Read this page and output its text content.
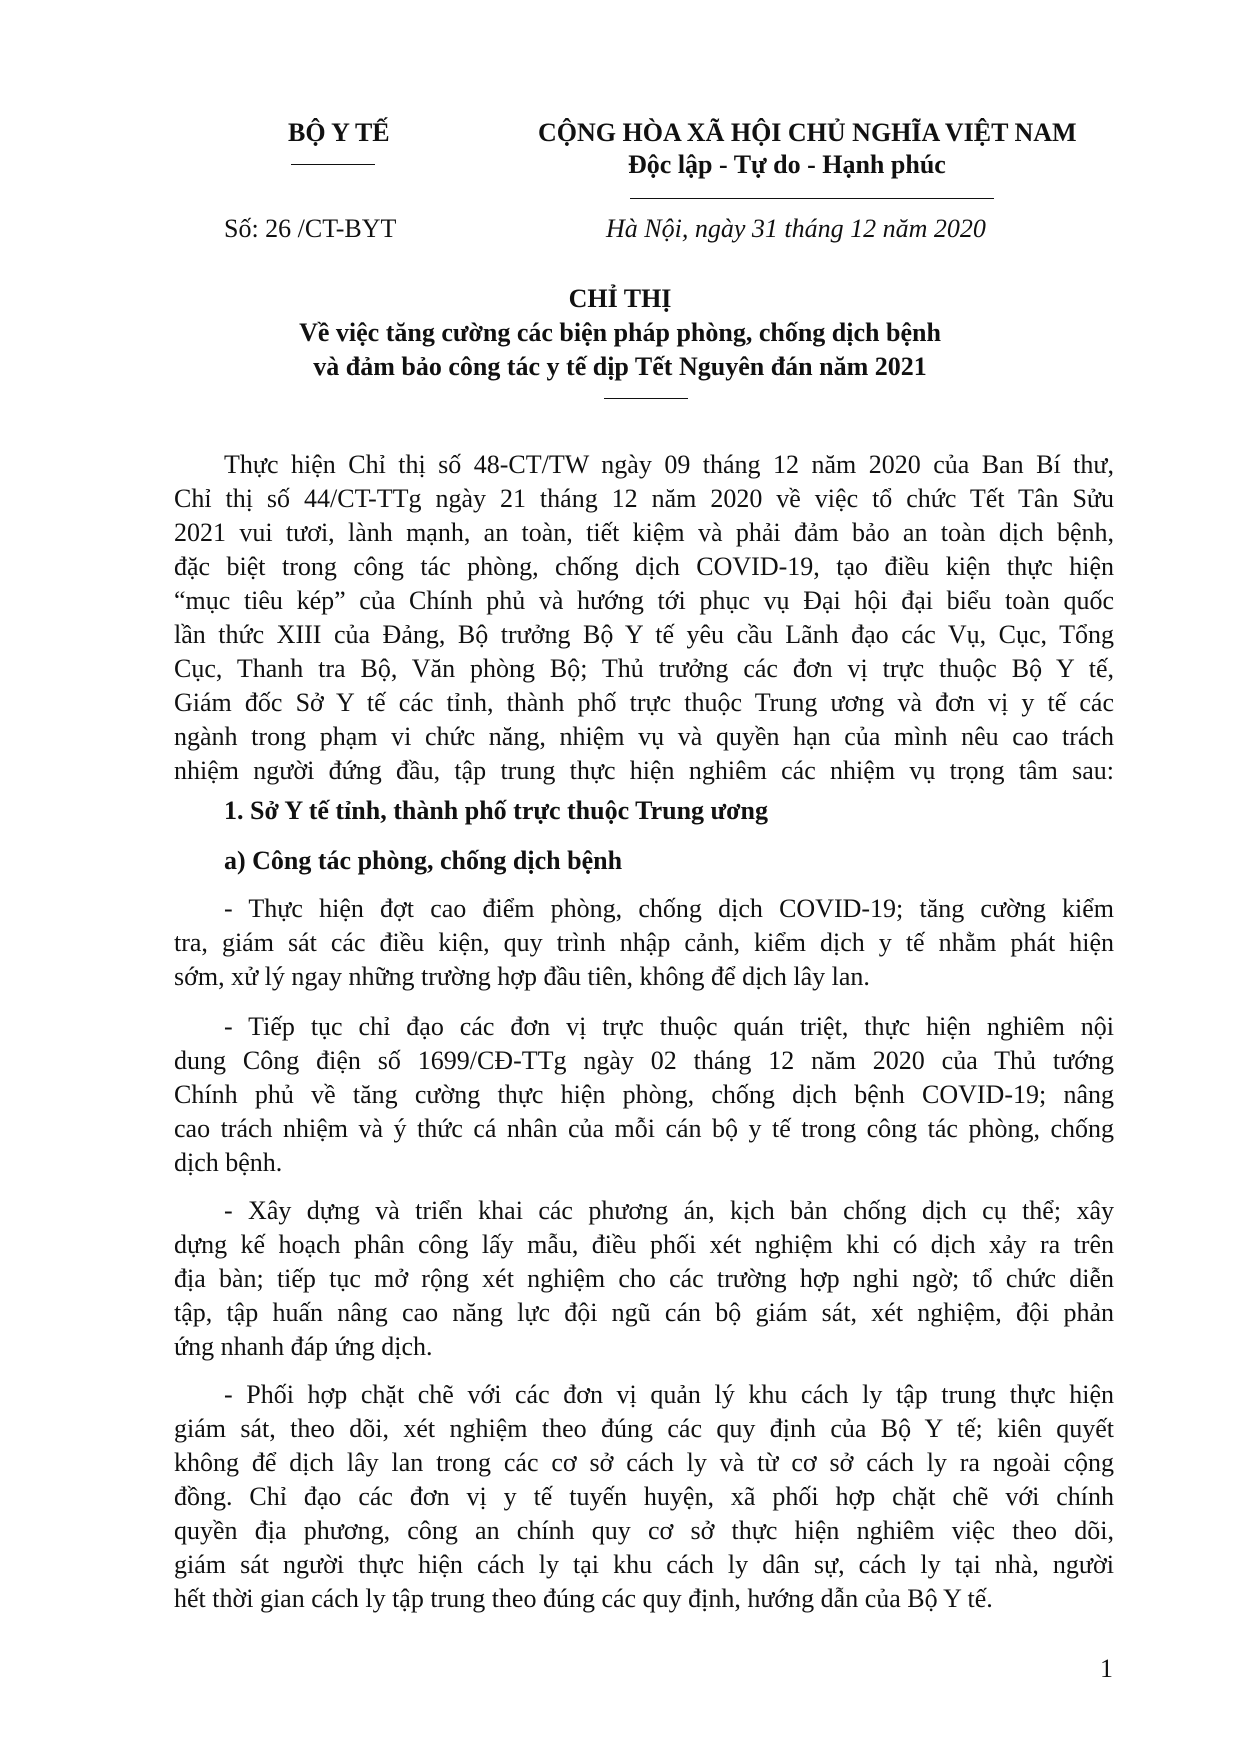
BỘ Y TẾ	CỘNG HÒA XÃ HỘI CHỦ NGHĨA VIỆT NAM
Độc lập - Tự do - Hạnh phúc
Số: 26 /CT-BYT	Hà Nội, ngày 31 tháng 12 năm 2020
CHỈ THỊ
Về việc tăng cường các biện pháp phòng, chống dịch bệnh
và đảm bảo công tác y tế dịp Tết Nguyên đán năm 2021
Thực hiện Chỉ thị số 48-CT/TW ngày 09 tháng 12 năm 2020 của Ban Bí thư,
Chỉ thị số 44/CT-TTg ngày 21 tháng 12 năm 2020 về việc tổ chức Tết Tân Sửu
2021 vui tươi, lành mạnh, an toàn, tiết kiệm và phải đảm bảo an toàn dịch bệnh,
đặc biệt trong công tác phòng, chống dịch COVID-19, tạo điều kiện thực hiện
“mục tiêu kép” của Chính phủ và hướng tới phục vụ Đại hội đại biểu toàn quốc
lần thức XIII của Đảng, Bộ trưởng Bộ Y tế yêu cầu Lãnh đạo các Vụ, Cục, Tổng
Cục, Thanh tra Bộ, Văn phòng Bộ; Thủ trưởng các đơn vị trực thuộc Bộ Y tế,
Giám đốc Sở Y tế các tỉnh, thành phố trực thuộc Trung ương và đơn vị y tế các
ngành trong phạm vi chức năng, nhiệm vụ và quyền hạn của mình nêu cao trách
nhiệm người đứng đầu, tập trung thực hiện nghiêm các nhiệm vụ trọng tâm sau:
1. Sở Y tế tỉnh, thành phố trực thuộc Trung ương
a) Công tác phòng, chống dịch bệnh
- Thực hiện đợt cao điểm phòng, chống dịch COVID-19; tăng cường kiểm
tra, giám sát các điều kiện, quy trình nhập cảnh, kiểm dịch y tế nhằm phát hiện
sớm, xử lý ngay những trường hợp đầu tiên, không để dịch lây lan.
- Tiếp tục chỉ đạo các đơn vị trực thuộc quán triệt, thực hiện nghiêm nội
dung Công điện số 1699/CĐ-TTg ngày 02 tháng 12 năm 2020 của Thủ tướng
Chính phủ về tăng cường thực hiện phòng, chống dịch bệnh COVID-19; nâng
cao trách nhiệm và ý thức cá nhân của mỗi cán bộ y tế trong công tác phòng, chống
dịch bệnh.
- Xây dựng và triển khai các phương án, kịch bản chống dịch cụ thể; xây
dựng kế hoạch phân công lấy mẫu, điều phối xét nghiệm khi có dịch xảy ra trên
địa bàn; tiếp tục mở rộng xét nghiệm cho các trường hợp nghi ngờ; tổ chức diễn
tập, tập huấn nâng cao năng lực đội ngũ cán bộ giám sát, xét nghiệm, đội phản
ứng nhanh đáp ứng dịch.
- Phối hợp chặt chẽ với các đơn vị quản lý khu cách ly tập trung thực hiện
giám sát, theo dõi, xét nghiệm theo đúng các quy định của Bộ Y tế; kiên quyết
không để dịch lây lan trong các cơ sở cách ly và từ cơ sở cách ly ra ngoài cộng
đồng. Chỉ đạo các đơn vị y tế tuyến huyện, xã phối hợp chặt chẽ với chính
quyền địa phương, công an chính quy cơ sở thực hiện nghiêm việc theo dõi,
giám sát người thực hiện cách ly tại khu cách ly dân sự, cách ly tại nhà, người
hết thời gian cách ly tập trung theo đúng các quy định, hướng dẫn của Bộ Y tế.
1
